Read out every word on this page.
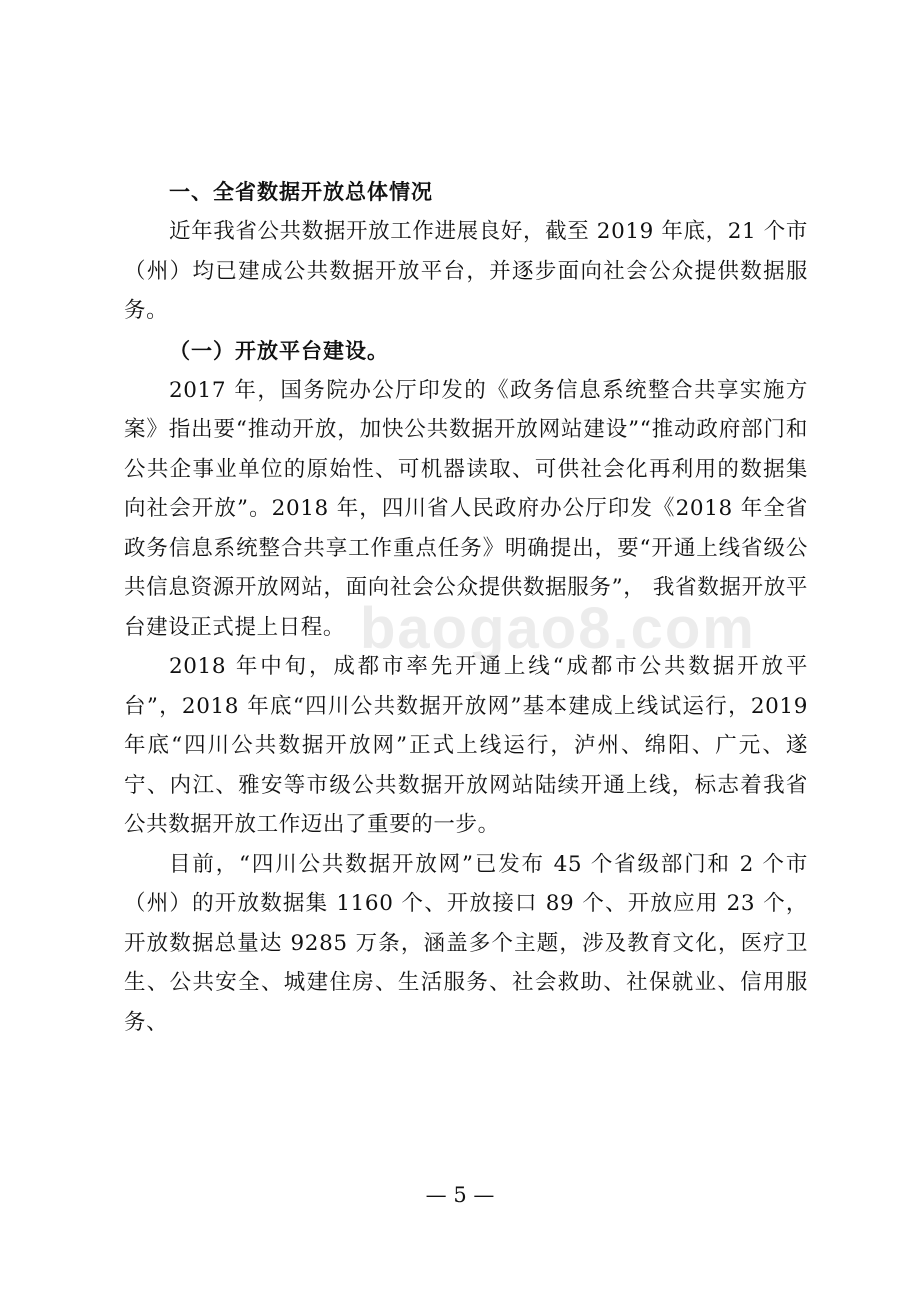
baogao8.com
一、全省数据开放总体情况

近年我省公共数据开放工作进展良好，截至 2019 年底，21 个市（州）均已建成公共数据开放平台，并逐步面向社会公众提供数据服务。

（一）开放平台建设。

2017 年，国务院办公厅印发的《政务信息系统整合共享实施方案》指出要“推动开放，加快公共数据开放网站建设”“推动政府部门和公共企事业单位的原始性、可机器读取、可供社会化再利用的数据集向社会开放”。2018 年，四川省人民政府办公厅印发《2018 年全省政务信息系统整合共享工作重点任务》明确提出，要“开通上线省级公共信息资源开放网站，面向社会公众提供数据服务”， 我省数据开放平台建设正式提上日程。

2018 年中旬，成都市率先开通上线“成都市公共数据开放平台”，2018 年底“四川公共数据开放网”基本建成上线试运行，2019 年底“四川公共数据开放网”正式上线运行，泸州、绵阳、广元、遂宁、内江、雅安等市级公共数据开放网站陆续开通上线，标志着我省公共数据开放工作迈出了重要的一步。

目前，“四川公共数据开放网”已发布 45 个省级部门和 2 个市（州）的开放数据集 1160 个、开放接口 89 个、开放应用 23 个，开放数据总量达 9285 万条，涵盖多个主题，涉及教育文化，医疗卫生、公共安全、城建住房、生活服务、社会救助、社保就业、信用服务、

— 5 —
